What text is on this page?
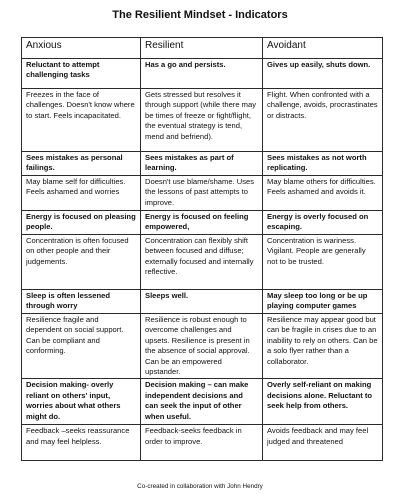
The Resilient Mindset - Indicators
Anxious	Resilient	Avoidant
Reluctant to attempt challenging tasks	Has a go and persists.	Gives up easily, shuts down.
Freezes in the face of challenges. Doesn't know where to start. Feels incapacitated.	Gets stressed but resolves it through support (while there may be times of freeze or fight/flight, the eventual strategy is tend, mend and befriend).	Flight. When confronted with a challenge, avoids, procrastinates or distracts.
Sees mistakes as personal failings.	Sees mistakes as part of learning.	Sees mistakes as not worth replicating.
May blame self for difficulties. Feels ashamed and worries	Doesn't use blame/shame. Uses the lessons of past attempts to improve.	May blame others for difficulties. Feels ashamed and avoids it.
Energy is focused on pleasing people.	Energy is focused on feeling empowered,	Energy is overly focused on escaping.
Concentration is often focused on other people and their judgements.	Concentration can flexibly shift between focused and diffuse; externally focused and internally reflective.	Concentration is wariness. Vigilant. People are generally not to be trusted.
Sleep is often lessened through worry	Sleeps well.	May sleep too long or be up playing computer games
Resilience fragile and dependent on social support. Can be compliant and conforming.	Resilience is robust enough to overcome challenges and upsets. Resilience is present in the absence of social approval. Can be an empowered upstander.	Resilience may appear good but can be fragile in crises due to an inability to rely on others. Can be a solo flyer rather than a collaborator.
Decision making- overly reliant on others' input, worries about what others might do.	Decision making – can make independent decisions and can seek the input of other when useful.	Overly self-reliant on making decisions alone. Reluctant to seek help from others.
Feedback –seeks reassurance and may feel helpless.	Feedback-seeks feedback in order to improve.	Avoids feedback and may feel judged and threatened
Co-created in collaboration with John Hendry
